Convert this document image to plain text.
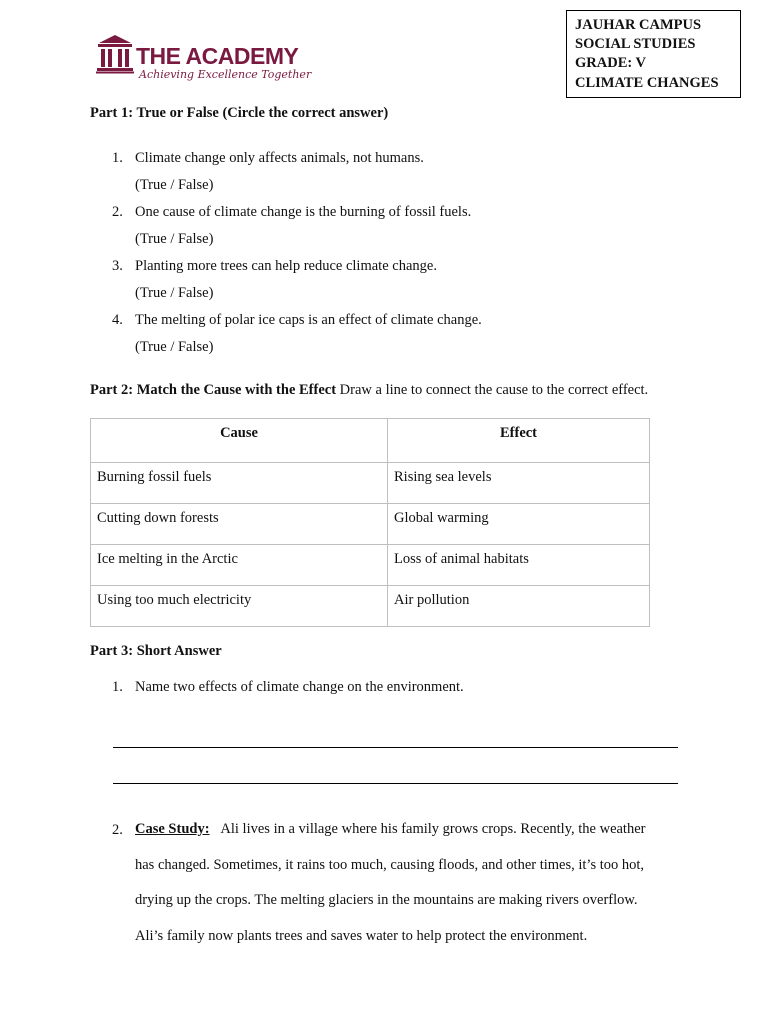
THE ACADEMY
Achieving Excellence Together
JAUHAR CAMPUS
SOCIAL STUDIES
GRADE: V
CLIMATE CHANGES
Part 1: True or False (Circle the correct answer)
1. Climate change only affects animals, not humans.
(True / False)
2. One cause of climate change is the burning of fossil fuels.
(True / False)
3. Planting more trees can help reduce climate change.
(True / False)
4. The melting of polar ice caps is an effect of climate change.
(True / False)
Part 2: Match the Cause with the Effect Draw a line to connect the cause to the correct effect.
Cause	Effect
Burning fossil fuels	Rising sea levels
Cutting down forests	Global warming
Ice melting in the Arctic	Loss of animal habitats
Using too much electricity	Air pollution
Part 3: Short Answer
1. Name two effects of climate change on the environment.
2. Case Study: Ali lives in a village where his family grows crops. Recently, the weather
has changed. Sometimes, it rains too much, causing floods, and other times, it’s too hot,
drying up the crops. The melting glaciers in the mountains are making rivers overflow.
Ali’s family now plants trees and saves water to help protect the environment.
